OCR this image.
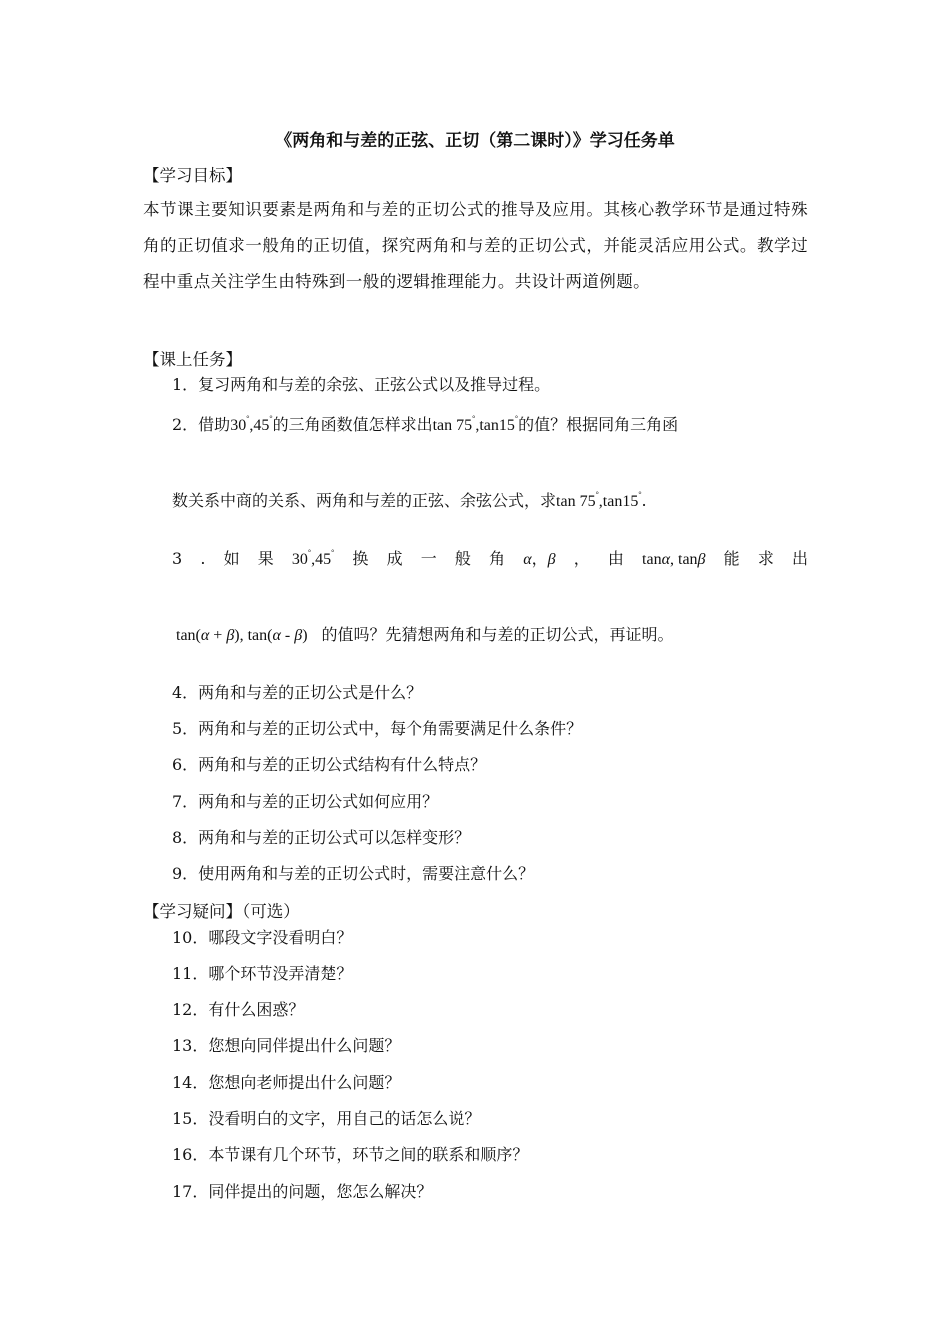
《两角和与差的正弦、正切（第二课时）》学习任务单
【学习目标】
本节课主要知识要素是两角和与差的正切公式的推导及应用。其核心教学环节是通过特殊角的正切值求一般角的正切值，探究两角和与差的正切公式，并能灵活应用公式。教学过程中重点关注学生由特殊到一般的逻辑推理能力。共设计两道例题。
【课上任务】
1．复习两角和与差的余弦、正弦公式以及推导过程。
2．借助30°,45°的三角函数值怎样求出tan 75°,tan15°的值？根据同角三角函
数关系中商的关系、两角和与差的正弦、余弦公式，求tan 75°,tan15°.
3 . 如 果 30°,45° 换 成 一 般 角 α，β ， 由 tanα, tanβ 能 求 出
tan(α + β), tan(α - β) 的值吗？先猜想两角和与差的正切公式，再证明。
4．两角和与差的正切公式是什么？
5．两角和与差的正切公式中，每个角需要满足什么条件？
6．两角和与差的正切公式结构有什么特点？
7．两角和与差的正切公式如何应用？
8．两角和与差的正切公式可以怎样变形？
9．使用两角和与差的正切公式时，需要注意什么？
【学习疑问】（可选）
10．哪段文字没看明白？
11．哪个环节没弄清楚？
12．有什么困惑？
13．您想向同伴提出什么问题？
14．您想向老师提出什么问题？
15．没看明白的文字，用自己的话怎么说？
16．本节课有几个环节，环节之间的联系和顺序？
17．同伴提出的问题，您怎么解决？
